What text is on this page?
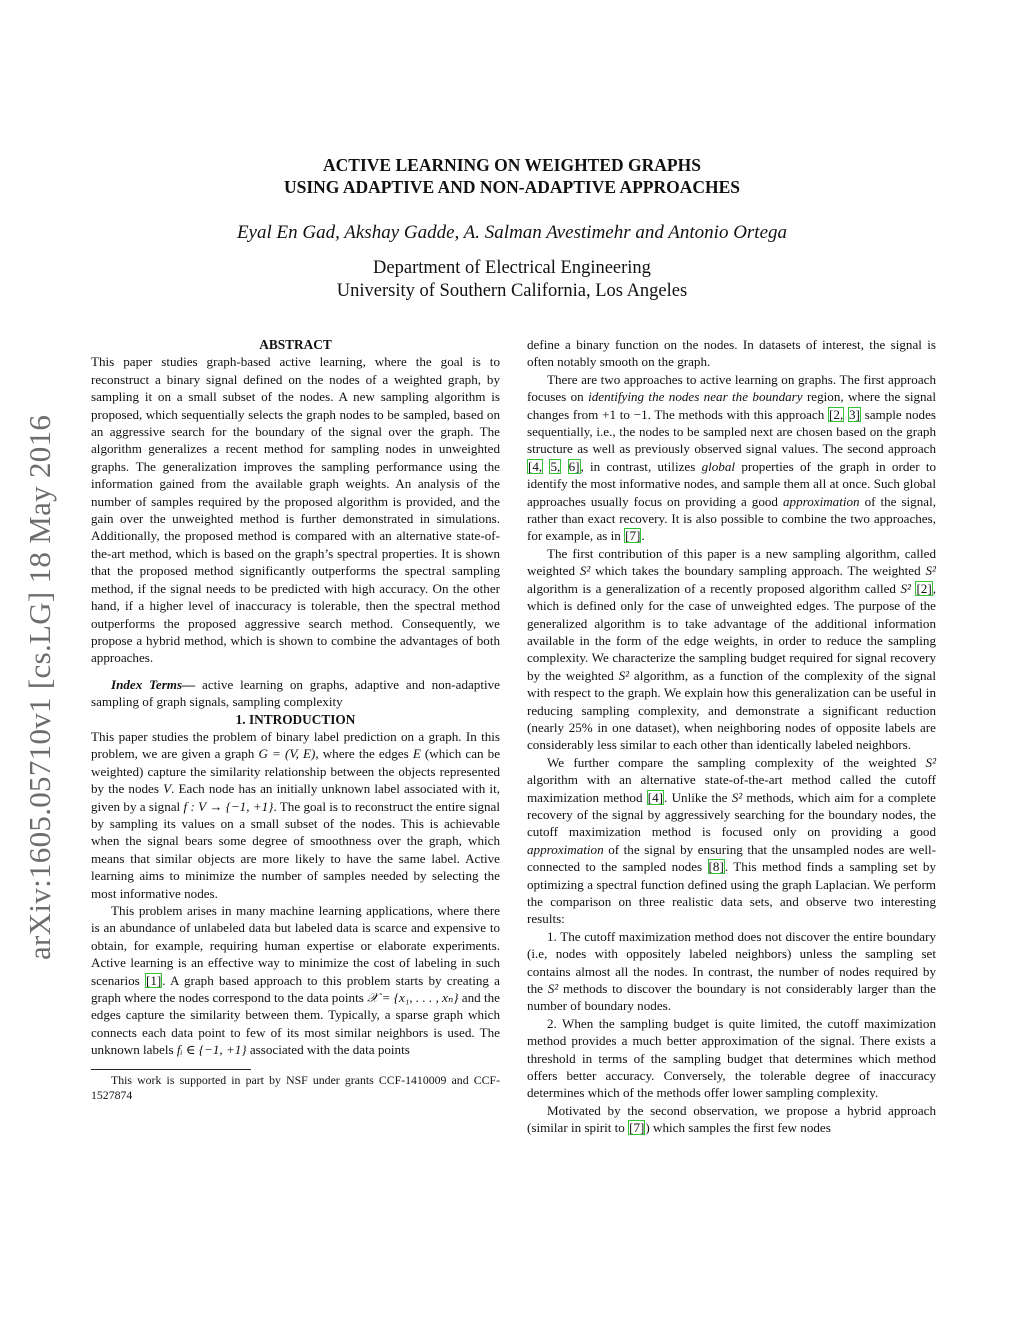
arXiv:1605.05710v1 [cs.LG] 18 May 2016
ACTIVE LEARNING ON WEIGHTED GRAPHS
USING ADAPTIVE AND NON-ADAPTIVE APPROACHES
Eyal En Gad, Akshay Gadde, A. Salman Avestimehr and Antonio Ortega
Department of Electrical Engineering
University of Southern California, Los Angeles

ABSTRACT

This paper studies graph-based active learning, where the goal is to reconstruct a binary signal defined on the nodes of a weighted graph, by sampling it on a small subset of the nodes. A new sampling algorithm is proposed, which sequentially selects the graph nodes to be sampled, based on an aggressive search for the boundary of the signal over the graph. The algorithm generalizes a recent method for sampling nodes in unweighted graphs. The generalization improves the sampling performance using the information gained from the available graph weights. An analysis of the number of samples required by the proposed algorithm is provided, and the gain over the unweighted method is further demonstrated in simulations. Additionally, the proposed method is compared with an alternative state-of-the-art method, which is based on the graph’s spectral properties. It is shown that the proposed method significantly outperforms the spectral sampling method, if the signal needs to be predicted with high accuracy. On the other hand, if a higher level of inaccuracy is tolerable, then the spectral method outperforms the proposed aggressive search method. Consequently, we propose a hybrid method, which is shown to combine the advantages of both approaches.

Index Terms— active learning on graphs, adaptive and non-adaptive sampling of graph signals, sampling complexity

1. INTRODUCTION

This paper studies the problem of binary label prediction on a graph. In this problem, we are given a graph G = (V, E), where the edges E (which can be weighted) capture the similarity relationship between the objects represented by the nodes V. Each node has an initially unknown label associated with it, given by a signal f : V → {−1, +1}. The goal is to reconstruct the entire signal by sampling its values on a small subset of the nodes. This is achievable when the signal bears some degree of smoothness over the graph, which means that similar objects are more likely to have the same label. Active learning aims to minimize the number of samples needed by selecting the most informative nodes.

This problem arises in many machine learning applications, where there is an abundance of unlabeled data but labeled data is scarce and expensive to obtain, for example, requiring human expertise or elaborate experiments. Active learning is an effective way to minimize the cost of labeling in such scenarios [1]. A graph based approach to this problem starts by creating a graph where the nodes correspond to the data points 𝒳 = {x₁, . . . , xₙ} and the edges capture the similarity between them. Typically, a sparse graph which connects each data point to few of its most similar neighbors is used. The unknown labels fᵢ ∈ {−1, +1} associated with the data points

This work is supported in part by NSF under grants CCF-1410009 and CCF-1527874

define a binary function on the nodes. In datasets of interest, the signal is often notably smooth on the graph.

There are two approaches to active learning on graphs. The first approach focuses on identifying the nodes near the boundary region, where the signal changes from +1 to −1. The methods with this approach [2, 3] sample nodes sequentially, i.e., the nodes to be sampled next are chosen based on the graph structure as well as previously observed signal values. The second approach [4, 5, 6], in contrast, utilizes global properties of the graph in order to identify the most informative nodes, and sample them all at once. Such global approaches usually focus on providing a good approximation of the signal, rather than exact recovery. It is also possible to combine the two approaches, for example, as in [7].

The first contribution of this paper is a new sampling algorithm, called weighted S² which takes the boundary sampling approach. The weighted S² algorithm is a generalization of a recently proposed algorithm called S² [2], which is defined only for the case of unweighted edges. The purpose of the generalized algorithm is to take advantage of the additional information available in the form of the edge weights, in order to reduce the sampling complexity. We characterize the sampling budget required for signal recovery by the weighted S² algorithm, as a function of the complexity of the signal with respect to the graph. We explain how this generalization can be useful in reducing sampling complexity, and demonstrate a significant reduction (nearly 25% in one dataset), when neighboring nodes of opposite labels are considerably less similar to each other than identically labeled neighbors.

We further compare the sampling complexity of the weighted S² algorithm with an alternative state-of-the-art method called the cutoff maximization method [4]. Unlike the S² methods, which aim for a complete recovery of the signal by aggressively searching for the boundary nodes, the cutoff maximization method is focused only on providing a good approximation of the signal by ensuring that the unsampled nodes are well-connected to the sampled nodes [8]. This method finds a sampling set by optimizing a spectral function defined using the graph Laplacian. We perform the comparison on three realistic data sets, and observe two interesting results:

1. The cutoff maximization method does not discover the entire boundary (i.e, nodes with oppositely labeled neighbors) unless the sampling set contains almost all the nodes. In contrast, the number of nodes required by the S² methods to discover the boundary is not considerably larger than the number of boundary nodes.

2. When the sampling budget is quite limited, the cutoff maximization method provides a much better approximation of the signal. There exists a threshold in terms of the sampling budget that determines which method offers better accuracy. Conversely, the tolerable degree of inaccuracy determines which of the methods offer lower sampling complexity.

Motivated by the second observation, we propose a hybrid approach (similar in spirit to [7]) which samples the first few nodes
